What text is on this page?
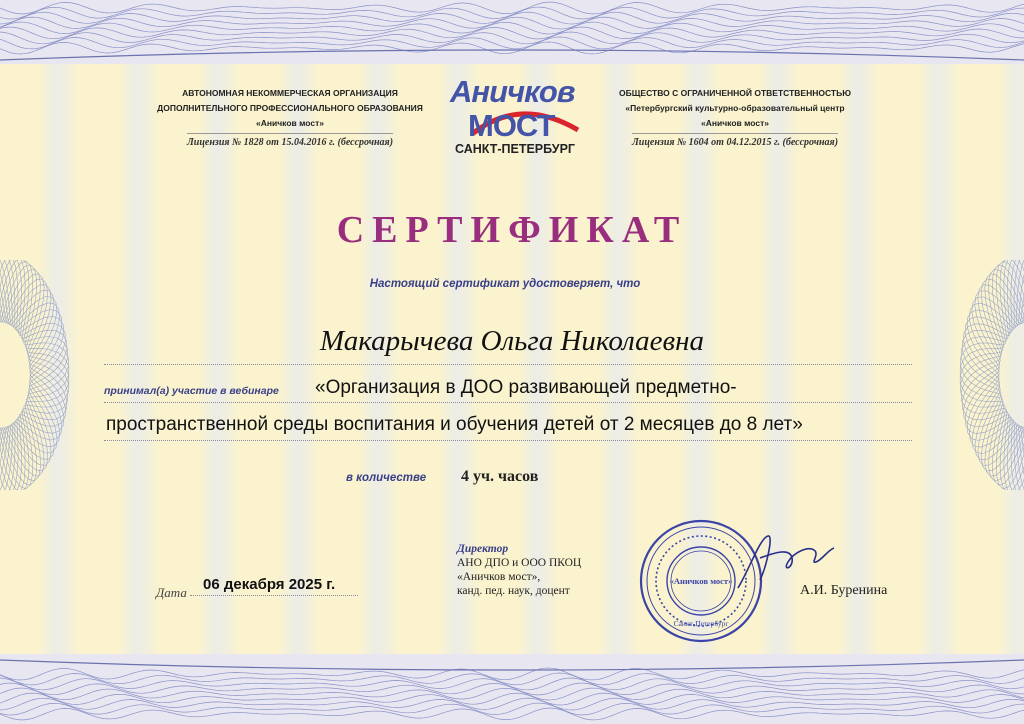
АВТОНОМНАЯ НЕКОММЕРЧЕСКАЯ ОРГАНИЗАЦИЯ
ДОПОЛНИТЕЛЬНОГО ПРОФЕССИОНАЛЬНОГО ОБРАЗОВАНИЯ
«Аничков мост»
Лицензия № 1828 от 15.04.2016 г. (бессрочная)
Аничков
МОСТ
САНКТ-ПЕТЕРБУРГ
ОБЩЕСТВО С ОГРАНИЧЕННОЙ ОТВЕТСТВЕННОСТЬЮ
«Петербургский культурно-образовательный центр
«Аничков мост»
Лицензия № 1604 от 04.12.2015 г. (бессрочная)
СЕРТИФИКАТ
Настоящий сертификат удостоверяет, что
Макарычева Ольга Николаевна
принимал(а) участие в вебинаре «Организация в ДОО развивающей предметно-
пространственной среды воспитания и обучения детей от 2 месяцев до 8 лет»
в количестве 4 уч. часов
Дата 06 декабря 2025 г.
Директор
АНО ДПО и ООО ПКОЦ
«Аничков мост»,
канд. пед. наук, доцент
«Аничков мост»
Санкт-Петербург
А.И. Буренина
